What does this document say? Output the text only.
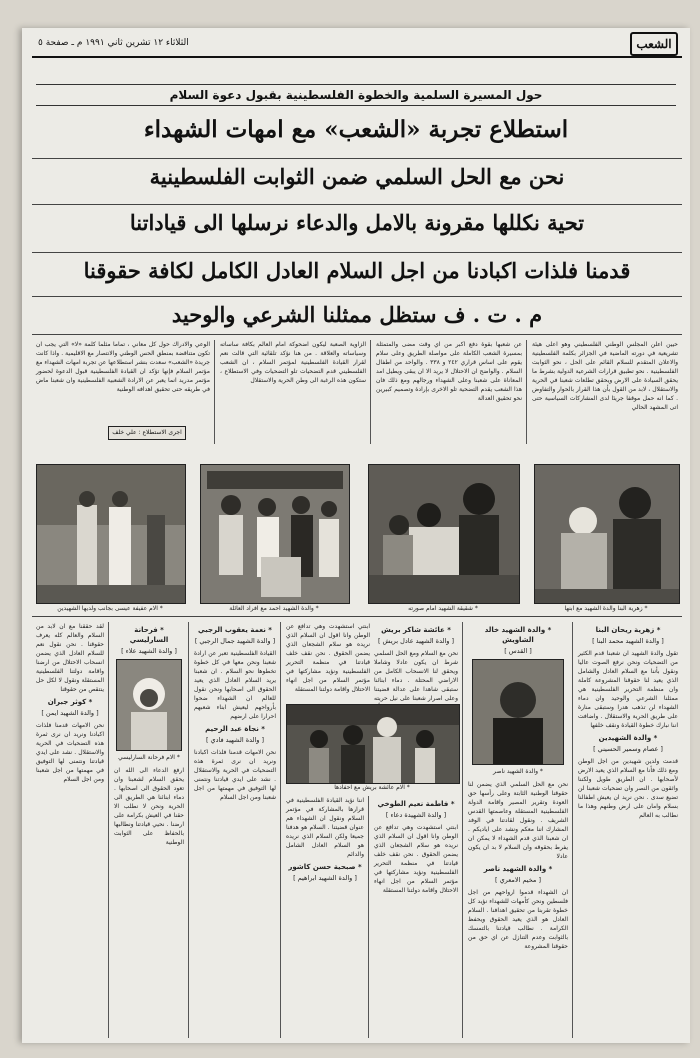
الثلاثاء ١٢ تشرين ثاني ١٩٩١ م ـ صفحة ٥	الشعب
حول المسيرة السلمية والخطوة الفلسطينية بقبول دعوة السلام
استطلاع تجربة «الشعب» مع امهات الشهداء
نحن مع الحل السلمي ضمن الثوابت الفلسطينية
تحية نكللها مقرونة بالامل والدعاء نرسلها الى قياداتنا
قدمنا فلذات اكبادنا من اجل السلام العادل الكامل لكافة حقوقنا
م . ت . ف ستظل ممثلنا الشرعي والوحيد
حيين اعلن المجلس الوطني الفلسطيني وهو اعلى هيئة تشريعية في دورته الماضية في الجزائر بكلمة الفلسطينية والاعلان المتقدم للسلام القائم على الحل ، نحو الثوابت الفلسطينية . نحو تطبيق قرارات الشرعية الدولية بشرط ما يحقق السيادة على الارض ويحقق تطلعات شعبنا في الحرية والاستقلال ، لابد من القول بأن هذا القرار بالحوار والتفاوض . كما انه حمل موقفا جريئا لدى المشاركات السياسية حتى اتى المشهد الحالي
عن شعبها بقوة دفع اكبر من اي وقت مضى والمتمثلة بمسيرة الشعب الكاملة على مواصلة الطريق وعلى سلام يقوم على اساس قراري ٢٤٢ و ٣٣٨ . والواحد من اطفال السلام . والواضح ان الاحتلال لا يريد الا ان يبقى ويطيل امد المعاناة على شعبنا وعلى الشهداء ورجالهم ومع ذلك فان هذا الشعب يقدم التضحية تلو الاخرى بإرادة وتصميم كبيرين نحو تحقيق العدالة
الزاوية الصعبة ليكون اضحوكة امام العالم بكافة ساساته وسياساته والعلاقة . من هنا نؤكد تلقائية التي قالت نعم لقرار القيادة الفلسطينية لمؤتمر السلام ، ان الشعب الفلسطيني قدم التضحيات تلو التضحيات وفي الاستطلاع ، ستكون هذه الرغبة الى وطن الحرية والاستقلال
الوعي والادراك حول كل معاني ، تماما مثلما كلمة «لا» التي يجب ان تكون متناقضة بمنطق الحس الوطني والانتصار مع الاقليمية . واذا كانت جريدة «الشعب» سعدت بنشر استطلاعها عن تجربة امهات الشهداء مع مؤتمر السلام فإنها تؤكد ان القيادة الفلسطينية قبول الدعوة لحضور مؤتمر مدريد انما يعبر عن الارادة الشعبية الفلسطينية وان شعبنا ماض في طريقه حتى تحقيق اهدافه الوطنية
اجرى الاستطلاع : علي خلف
* الام عفيفة عيسى بجانب ولديها الشهيدين	* والدة الشهيد احمد مع افراد العائلة	* شقيقة الشهيد امام صورته	* زهرية البنا والدة الشهيد مع ابنها
* زهرية ريحان البنا
[ والدة الشهيد محمد البنا ]
تقول والدة الشهيد ان شعبنا قدم الكثير من التضحيات ونحن نرفع الصوت عاليا ونقول بأننا مع السلام العادل والشامل الذي يعيد لنا حقوقنا المشروعة كاملة وان منظمة التحرير الفلسطينية هي ممثلنا الشرعي والوحيد وان دماء الشهداء لن تذهب هدرا وستبقى منارة على طريق الحرية والاستقلال . واضافت اننا نبارك خطوة القيادة ونقف خلفها
* والدة الشهيدين
[ عصام وسمير الحسيني ]
قدمت ولدين شهيدين من اجل الوطن ومع ذلك فأنا مع السلام الذي يعيد الارض لأصحابها . ان الطريق طويل ولكننا واثقون من النصر وان تضحيات شعبنا لن تضيع سدى . نحن نريد ان يعيش اطفالنا بسلام وامان على ارض وطنهم وهذا ما نطالب به العالم
* والدة الشهيد خالد الشاويش
[ القدس ]
* والدة الشهيد ناصر
نحن مع الحل السلمي الذي يضمن لنا حقوقنا الوطنية الثابتة وعلى رأسها حق العودة وتقرير المصير واقامة الدولة الفلسطينية المستقلة وعاصمتها القدس الشريف . ونقول لقادتنا في الوفد المشارك اننا معكم ونشد على اياديكم . ان شعبنا الذي قدم الشهداء لا يمكن ان يفرط بحقوقه وان السلام لا بد ان يكون عادلا
* والدة الشهيد ناصر
[ مخيم الامعري ]
ان الشهداء قدموا ارواحهم من اجل فلسطين ونحن كأمهات للشهداء نؤيد كل خطوة تقربنا من تحقيق اهدافنا . السلام العادل هو الذي يعيد الحقوق ويحفظ الكرامة . نطالب قيادتنا بالتمسك بالثوابت وعدم التنازل عن اي حق من حقوقنا المشروعة
* عائشة شاكر بريش
[ والدة الشهيد عادل بريش ]
نحن مع السلام ومع الحل السلمي شرط ان يكون عادلا وشاملا ويحقق لنا الانسحاب الكامل من الاراضي المحتلة . دماء ابنائنا ستبقى شاهدا على عدالة قضيتنا وعلى اصرار شعبنا على نيل حريته
* الام عائشة بريش مع احفادها
* فاطمة نعيم الطوخي
[ والدة الشهيدة دعاء ]
ابنتي استشهدت وهي تدافع عن الوطن وانا اقول ان السلام الذي نريده هو سلام الشجعان الذي يضمن الحقوق . نحن نقف خلف قيادتنا في منظمة التحرير الفلسطينية ونؤيد مشاركتها في مؤتمر السلام من اجل انهاء الاحتلال واقامة دولتنا المستقلة
ابنتي استشهدت وهي تدافع عن الوطن وانا اقول ان السلام الذي نريده هو سلام الشجعان الذي يضمن الحقوق . نحن نقف خلف قيادتنا في منظمة التحرير الفلسطينية ونؤيد مشاركتها في مؤتمر السلام من اجل انهاء الاحتلال واقامة دولتنا المستقلة
اننا نؤيد القيادة الفلسطينية في قرارها بالمشاركة في مؤتمر السلام ونقول ان الشهداء هم عنوان قضيتنا . السلام هو هدفنا جميعا ولكن السلام الذي نريده هو السلام العادل الشامل والدائم
* صبحية حسن كاشور
[ والدة الشهيد ابراهيم ]
* نعمة يعقوب الرجبي
[ والدة الشهيد جمال الرجبي ]
القيادة الفلسطينية تعبر عن ارادة شعبنا ونحن معها في كل خطوة تخطوها نحو السلام . ان شعبنا يريد السلام العادل الذي يعيد الحقوق الى اصحابها ونحن نقول للعالم ان الشهداء ضحوا بأرواحهم ليعيش ابناء شعبهم احرارا على ارضهم
* نجاة عبد الرحيم
[ والدة الشهيد فادي ]
نحن الامهات قدمنا فلذات اكبادنا ونريد ان نرى ثمرة هذه التضحيات في الحرية والاستقلال . نشد على ايدي قيادتنا ونتمنى لها التوفيق في مهمتها من اجل شعبنا ومن اجل السلام
* فرحانة السارليسي
[ والدة الشهيد علاء ]
* الام فرحانة السارليسي
ارفع الدعاء الى الله ان يحقق السلام لشعبنا وان تعود الحقوق الى اصحابها . دماء ابنائنا هي الطريق الى الحرية ونحن لا نطلب الا حقنا في العيش بكرامة على ارضنا . نحيي قيادتنا ونطالبها بالحفاظ على الثوابت الوطنية
لقد حققنا مع ان لابد من السلام والعالم كله يعرف حقوقنا . نحن نقول نعم للسلام العادل الذي يضمن انسحاب الاحتلال من ارضنا واقامة دولتنا الفلسطينية المستقلة ونقول لا لكل حل ينتقص من حقوقنا
* كوثر جبران
[ والدة الشهيد ايمن ]
نحن الامهات قدمنا فلذات اكبادنا ونريد ان نرى ثمرة هذه التضحيات في الحرية والاستقلال . نشد على ايدي قيادتنا ونتمنى لها التوفيق في مهمتها من اجل شعبنا ومن اجل السلام
